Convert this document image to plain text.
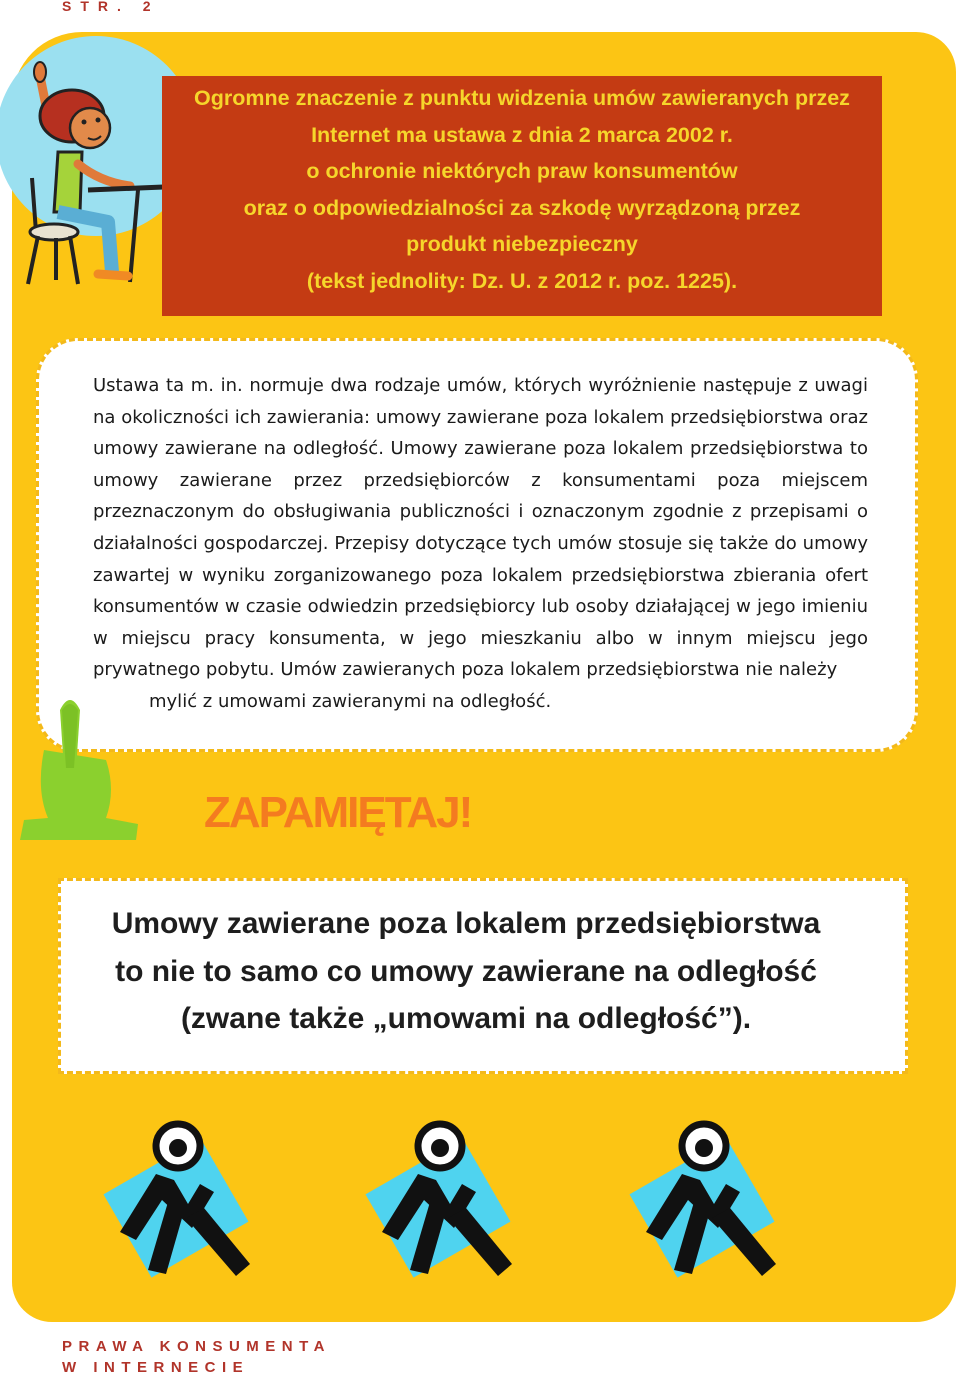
STR. 2
Ogromne znaczenie z punktu widzenia umów zawieranych przez
Internet ma ustawa z dnia 2 marca 2002 r.
o ochronie niektórych praw konsumentów
oraz o odpowiedzialności za szkodę wyrządzoną przez
produkt niebezpieczny
(tekst jednolity: Dz. U. z 2012 r. poz. 1225).

Ustawa ta m. in. normuje dwa rodzaje umów, których wyróżnienie następuje z uwagi na okoliczności ich zawierania: umowy zawierane poza lokalem przedsiębiorstwa oraz umowy zawierane na odległość. Umowy zawierane poza lokalem przedsiębiorstwa to umowy zawierane przez przedsiębiorców z konsumentami poza miejscem przeznaczonym do obsługiwania publiczności i oznaczonym zgodnie z przepisami o działalności gospodarczej. Przepisy dotyczące tych umów stosuje się także do umowy zawartej w wyniku zorganizowanego poza lokalem przedsiębiorstwa zbierania ofert konsumentów w czasie odwiedzin przedsiębiorcy lub osoby działającej w jego imieniu w miejscu pracy konsumenta, w jego mieszkaniu albo w innym miejscu jego prywatnego pobytu. Umów zawieranych poza lokalem przedsiębiorstwa nie należy

mylić z umowami zawieranymi na odległość.

ZAPAMIĘTAJ!
Umowy zawierane poza lokalem przedsiębiorstwa
to nie to samo co umowy zawierane na odległość
(zwane także „umowami na odległość”).
PRAWA KONSUMENTA
W INTERNECIE
